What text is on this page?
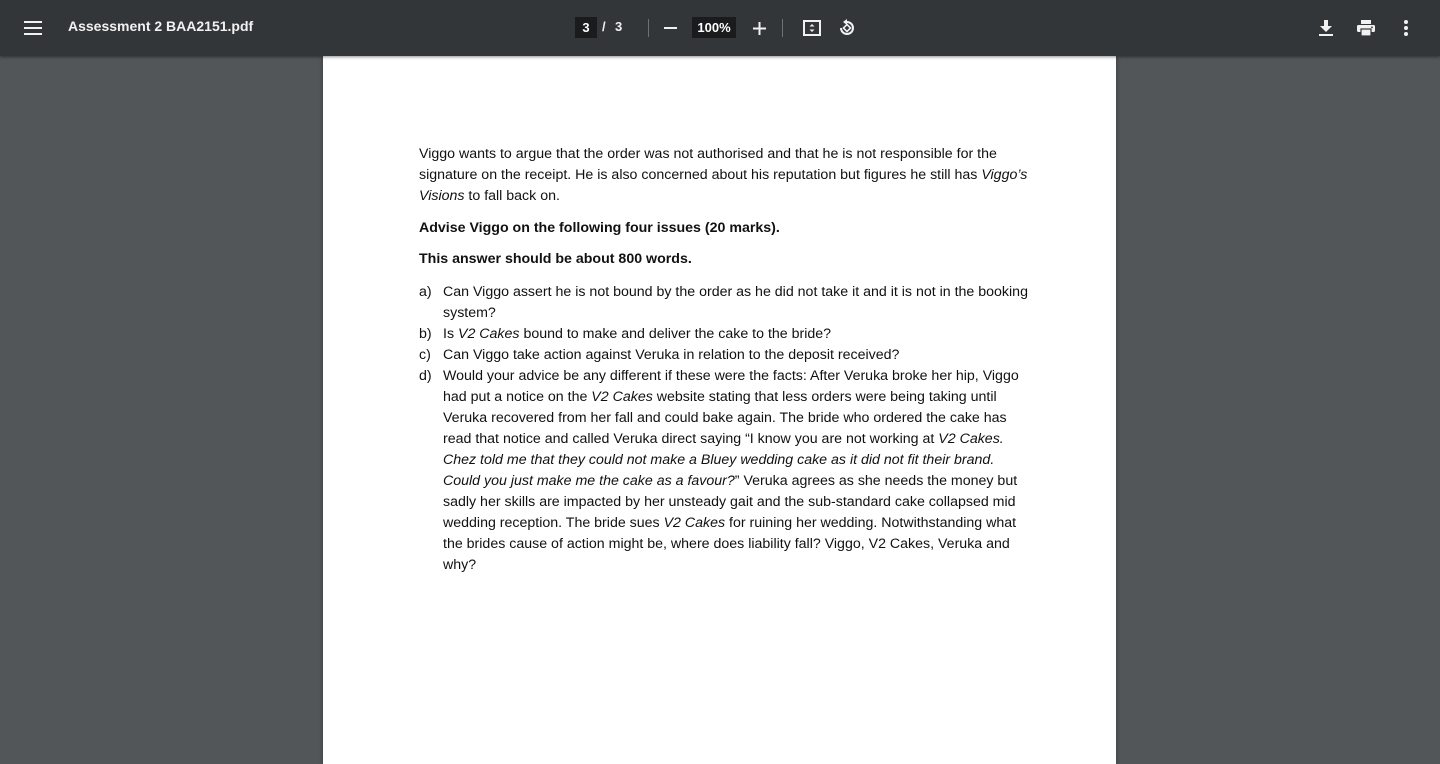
Assessment 2 BAA2151.pdf	3 / 3	100%

Viggo wants to argue that the order was not authorised and that he is not responsible for the signature on the receipt. He is also concerned about his reputation but figures he still has Viggo’s Visions to fall back on.

Advise Viggo on the following four issues (20 marks).

This answer should be about 800 words.

a) Can Viggo assert he is not bound by the order as he did not take it and it is not in the booking system?
b) Is V2 Cakes bound to make and deliver the cake to the bride?
c) Can Viggo take action against Veruka in relation to the deposit received?
d) Would your advice be any different if these were the facts: After Veruka broke her hip, Viggo had put a notice on the V2 Cakes website stating that less orders were being taking until Veruka recovered from her fall and could bake again. The bride who ordered the cake has read that notice and called Veruka direct saying “I know you are not working at V2 Cakes. Chez told me that they could not make a Bluey wedding cake as it did not fit their brand. Could you just make me the cake as a favour?” Veruka agrees as she needs the money but sadly her skills are impacted by her unsteady gait and the sub-standard cake collapsed mid wedding reception. The bride sues V2 Cakes for ruining her wedding. Notwithstanding what the brides cause of action might be, where does liability fall? Viggo, V2 Cakes, Veruka and why?
